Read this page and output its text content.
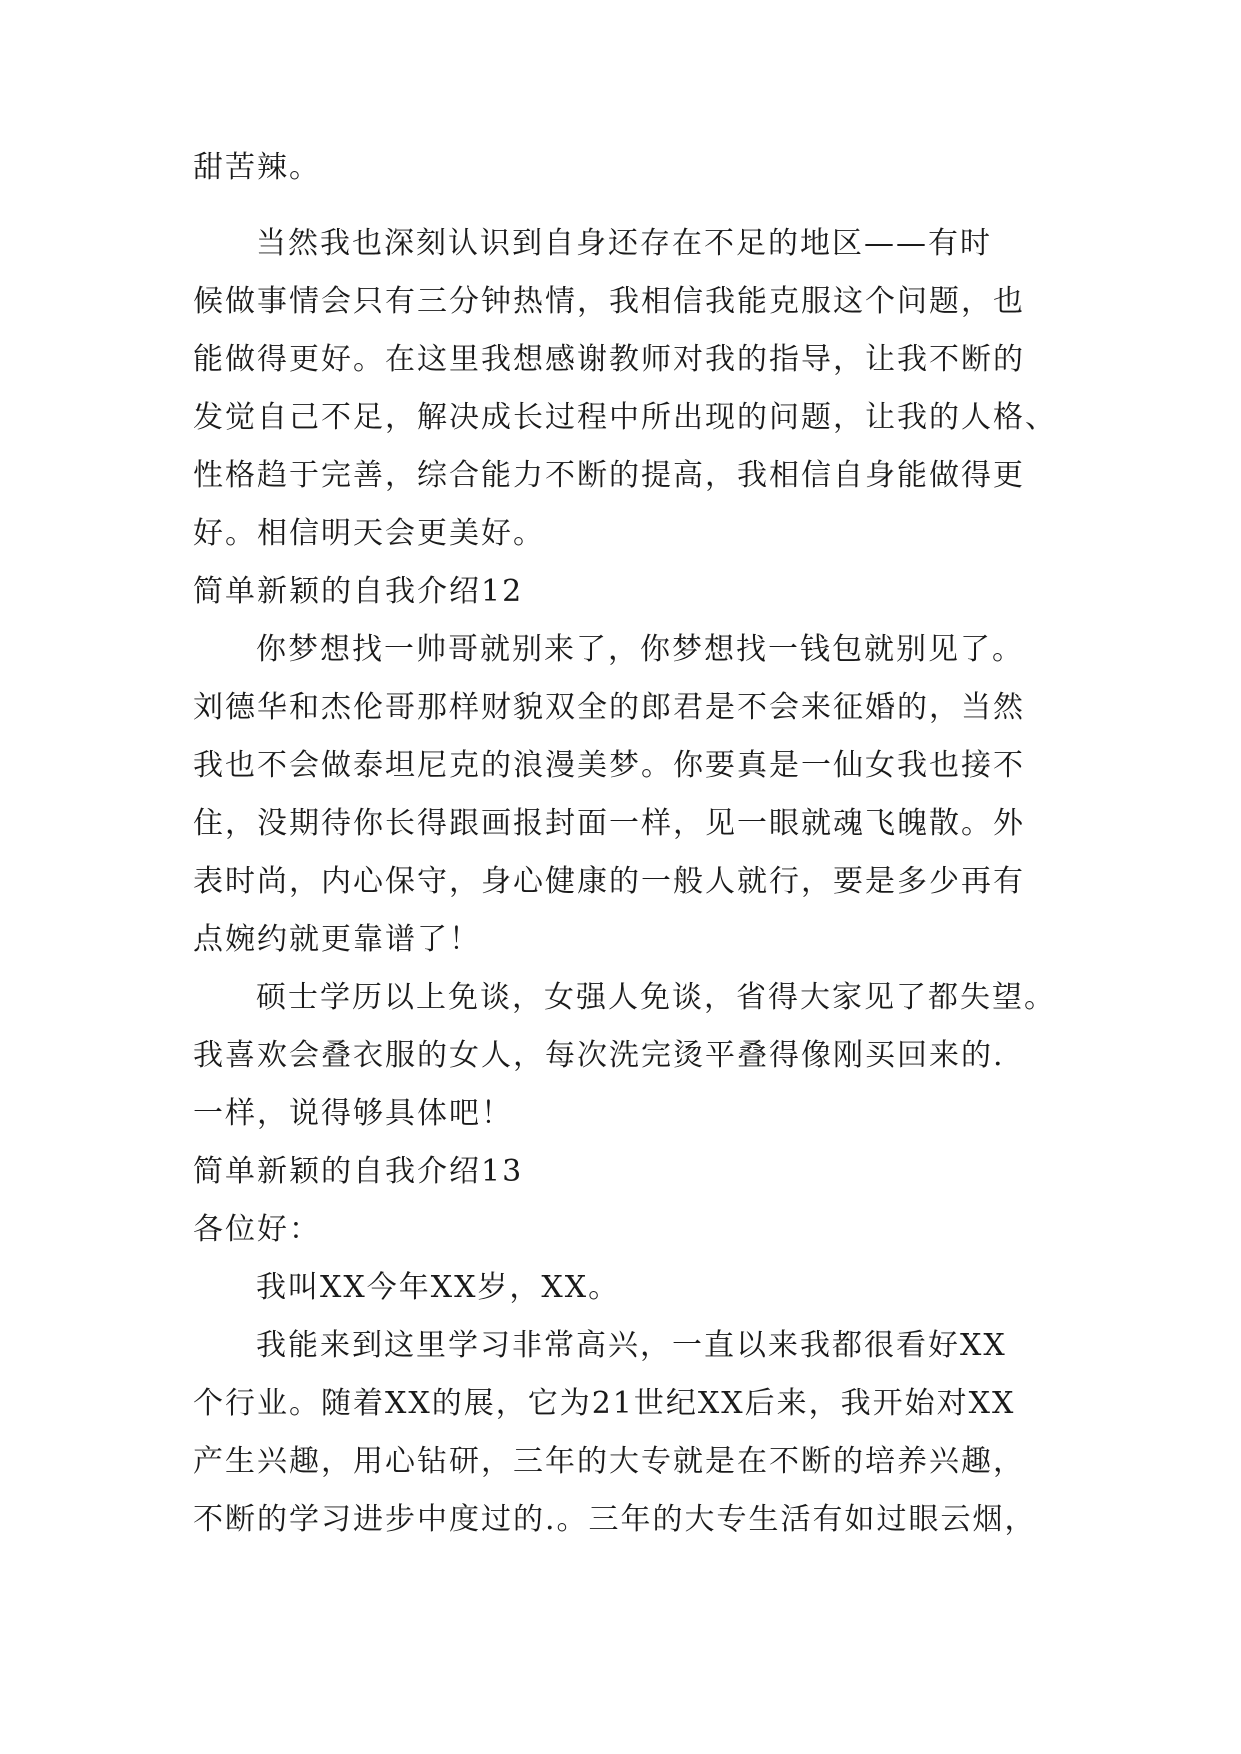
甜苦辣。
当然我也深刻认识到自身还存在不足的地区——有时
候做事情会只有三分钟热情，我相信我能克服这个问题，也
能做得更好。在这里我想感谢教师对我的指导，让我不断的
发觉自己不足，解决成长过程中所出现的问题，让我的人格、
性格趋于完善，综合能力不断的提高，我相信自身能做得更
好。相信明天会更美好。
简单新颖的自我介绍12
你梦想找一帅哥就别来了，你梦想找一钱包就别见了。
刘德华和杰伦哥那样财貌双全的郎君是不会来征婚的，当然
我也不会做泰坦尼克的浪漫美梦。你要真是一仙女我也接不
住，没期待你长得跟画报封面一样，见一眼就魂飞魄散。外
表时尚，内心保守，身心健康的一般人就行，要是多少再有
点婉约就更靠谱了！
硕士学历以上免谈，女强人免谈，省得大家见了都失望。
我喜欢会叠衣服的女人，每次洗完烫平叠得像刚买回来的.
一样，说得够具体吧！
简单新颖的自我介绍13
各位好：
我叫XX今年XX岁，XX。
我能来到这里学习非常高兴，一直以来我都很看好XX
个行业。随着XX的展，它为21世纪XX后来，我开始对XX
产生兴趣，用心钻研，三年的大专就是在不断的培养兴趣，
不断的学习进步中度过的.。三年的大专生活有如过眼云烟，
